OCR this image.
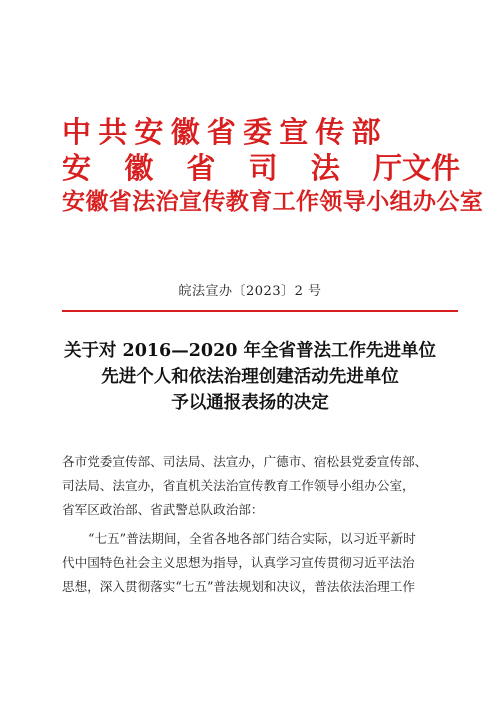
中共安徽省委宣传部
安 徽 省 司 法 厅文件
安徽省法治宣传教育工作领导小组办公室
皖法宣办〔2023〕2 号
关于对 2016—2020 年全省普法工作先进单位
先进个人和依法治理创建活动先进单位
予以通报表扬的决定
各市党委宣传部、司法局、法宣办，广德市、宿松县党委宣传部、
司法局、法宣办，省直机关法治宣传教育工作领导小组办公室，
省军区政治部、省武警总队政治部：
“七五”普法期间，全省各地各部门结合实际，以习近平新时
代中国特色社会主义思想为指导，认真学习宣传贯彻习近平法治
思想，深入贯彻落实“七五”普法规划和决议，普法依法治理工作
